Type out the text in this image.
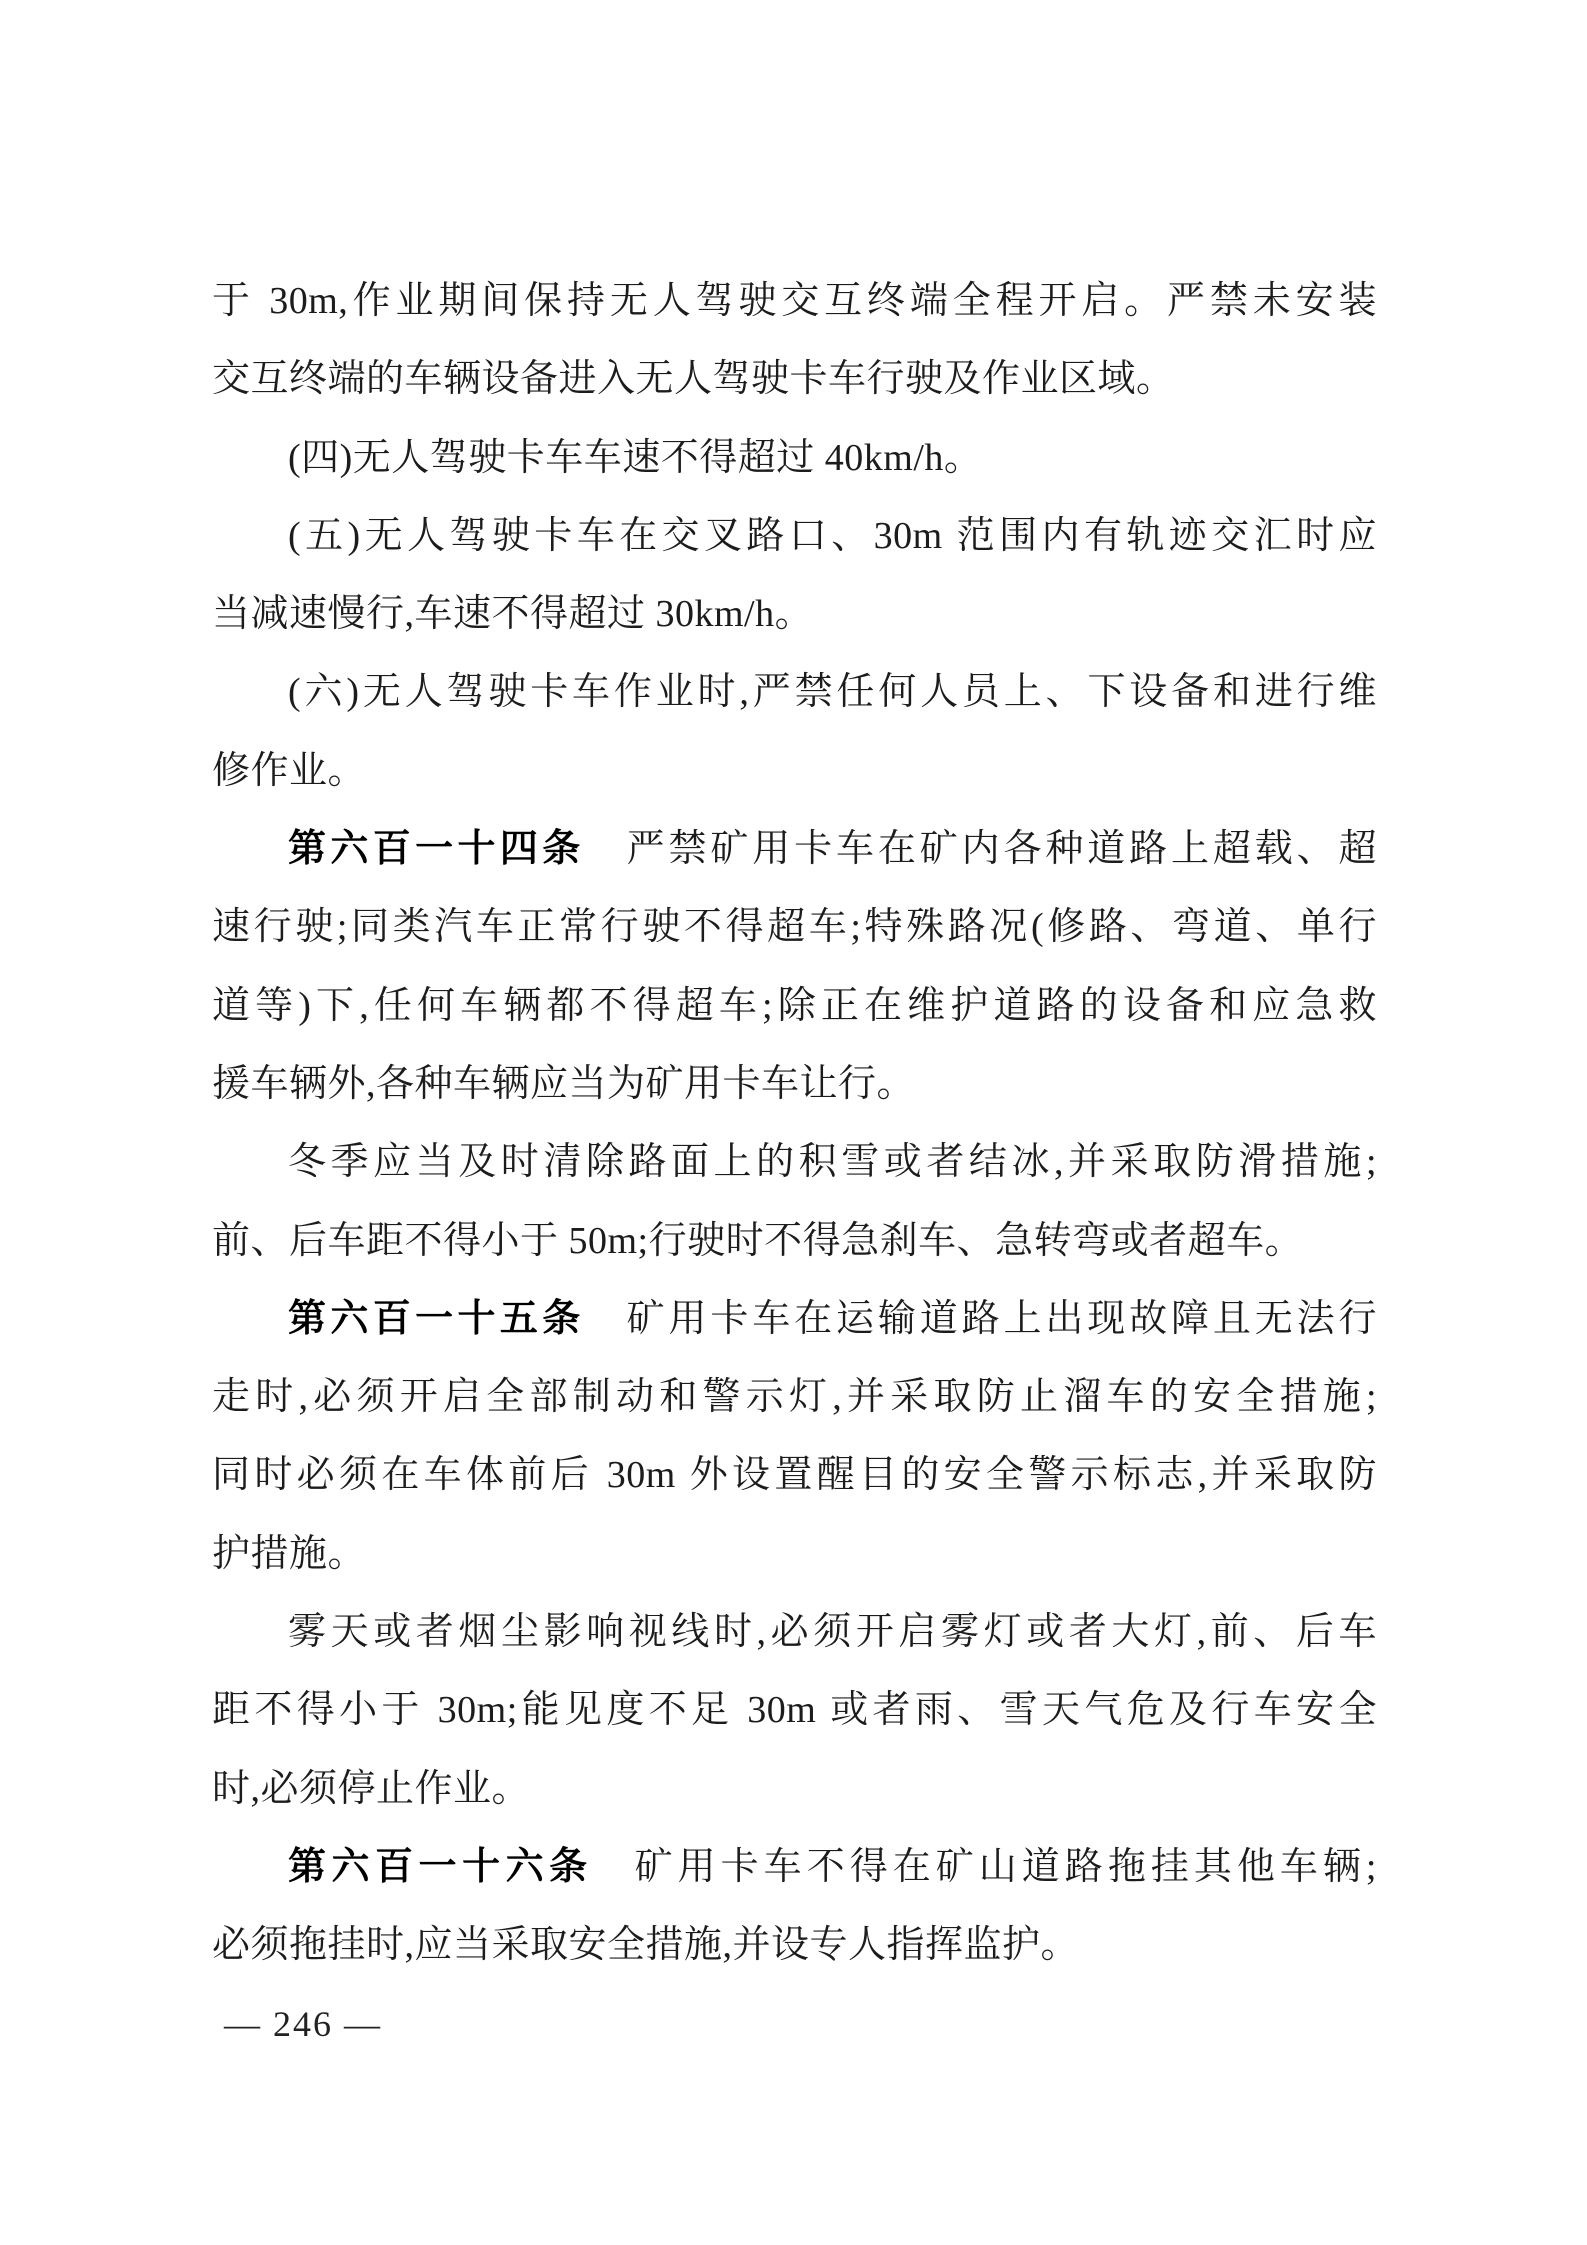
于 30m,作业期间保持无人驾驶交互终端全程开启。严禁未安装
交互终端的车辆设备进入无人驾驶卡车行驶及作业区域。
(四)无人驾驶卡车车速不得超过 40km/h。
(五)无人驾驶卡车在交叉路口、30m 范围内有轨迹交汇时应
当减速慢行,车速不得超过 30km/h。
(六)无人驾驶卡车作业时,严禁任何人员上、下设备和进行维
修作业。
第六百一十四条 严禁矿用卡车在矿内各种道路上超载、超
速行驶;同类汽车正常行驶不得超车;特殊路况(修路、弯道、单行
道等)下,任何车辆都不得超车;除正在维护道路的设备和应急救
援车辆外,各种车辆应当为矿用卡车让行。
冬季应当及时清除路面上的积雪或者结冰,并采取防滑措施;
前、后车距不得小于 50m;行驶时不得急刹车、急转弯或者超车。
第六百一十五条 矿用卡车在运输道路上出现故障且无法行
走时,必须开启全部制动和警示灯,并采取防止溜车的安全措施;
同时必须在车体前后 30m 外设置醒目的安全警示标志,并采取防
护措施。
雾天或者烟尘影响视线时,必须开启雾灯或者大灯,前、后车
距不得小于 30m;能见度不足 30m 或者雨、雪天气危及行车安全
时,必须停止作业。
第六百一十六条 矿用卡车不得在矿山道路拖挂其他车辆;
必须拖挂时,应当采取安全措施,并设专人指挥监护。
— 246 —
